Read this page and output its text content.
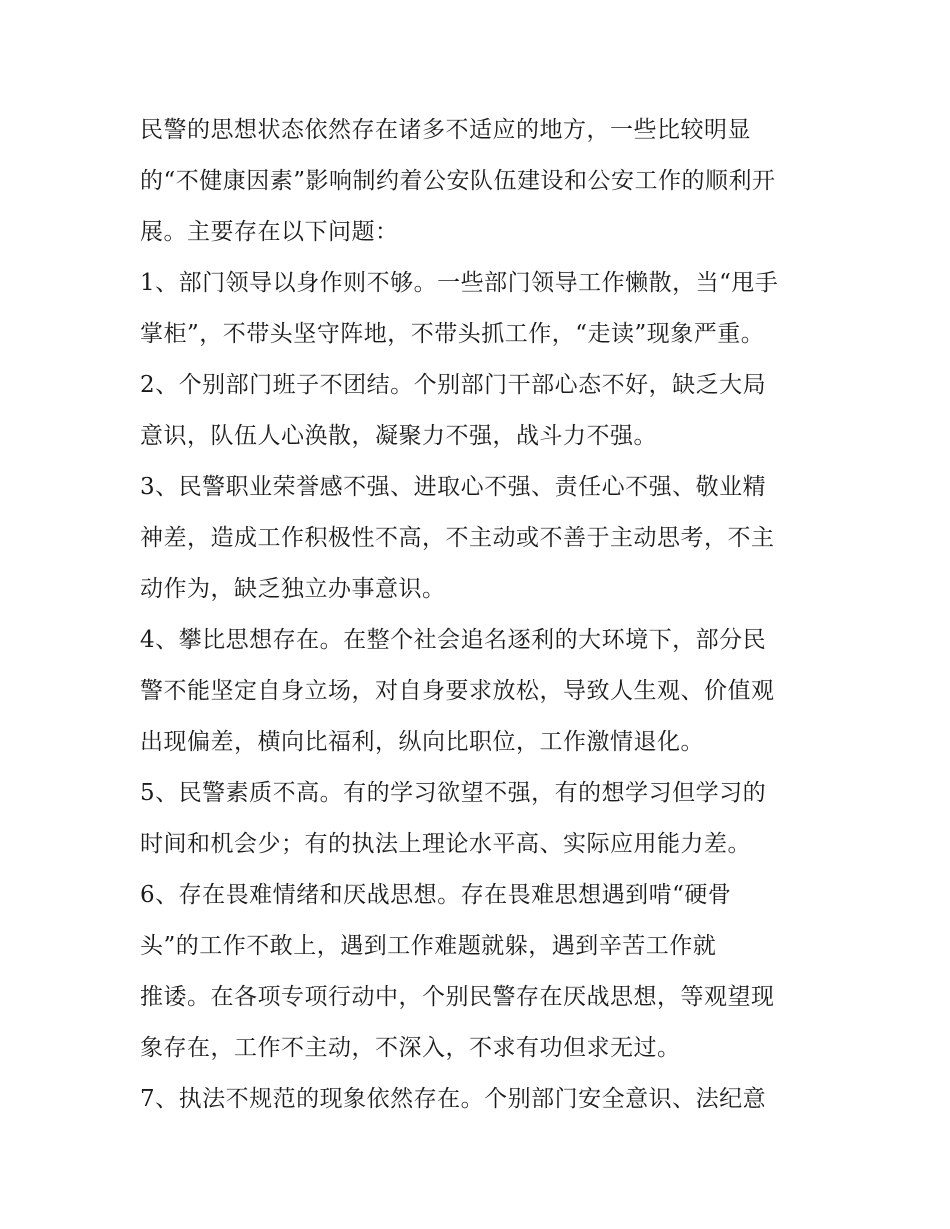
民警的思想状态依然存在诸多不适应的地方，一些比较明显
的“不健康因素”影响制约着公安队伍建设和公安工作的顺利开
展。主要存在以下问题：
1、部门领导以身作则不够。一些部门领导工作懒散，当“甩手
掌柜”，不带头坚守阵地，不带头抓工作，“走读”现象严重。
2、个别部门班子不团结。个别部门干部心态不好，缺乏大局
意识，队伍人心涣散，凝聚力不强，战斗力不强。
3、民警职业荣誉感不强、进取心不强、责任心不强、敬业精
神差，造成工作积极性不高，不主动或不善于主动思考，不主
动作为，缺乏独立办事意识。
4、攀比思想存在。在整个社会追名逐利的大环境下，部分民
警不能坚定自身立场，对自身要求放松，导致人生观、价值观
出现偏差，横向比福利，纵向比职位，工作激情退化。
5、民警素质不高。有的学习欲望不强，有的想学习但学习的
时间和机会少；有的执法上理论水平高、实际应用能力差。
6、存在畏难情绪和厌战思想。存在畏难思想遇到啃“硬骨
头”的工作不敢上，遇到工作难题就躲，遇到辛苦工作就
推诿。在各项专项行动中，个别民警存在厌战思想，等观望现
象存在，工作不主动，不深入，不求有功但求无过。
7、执法不规范的现象依然存在。个别部门安全意识、法纪意
